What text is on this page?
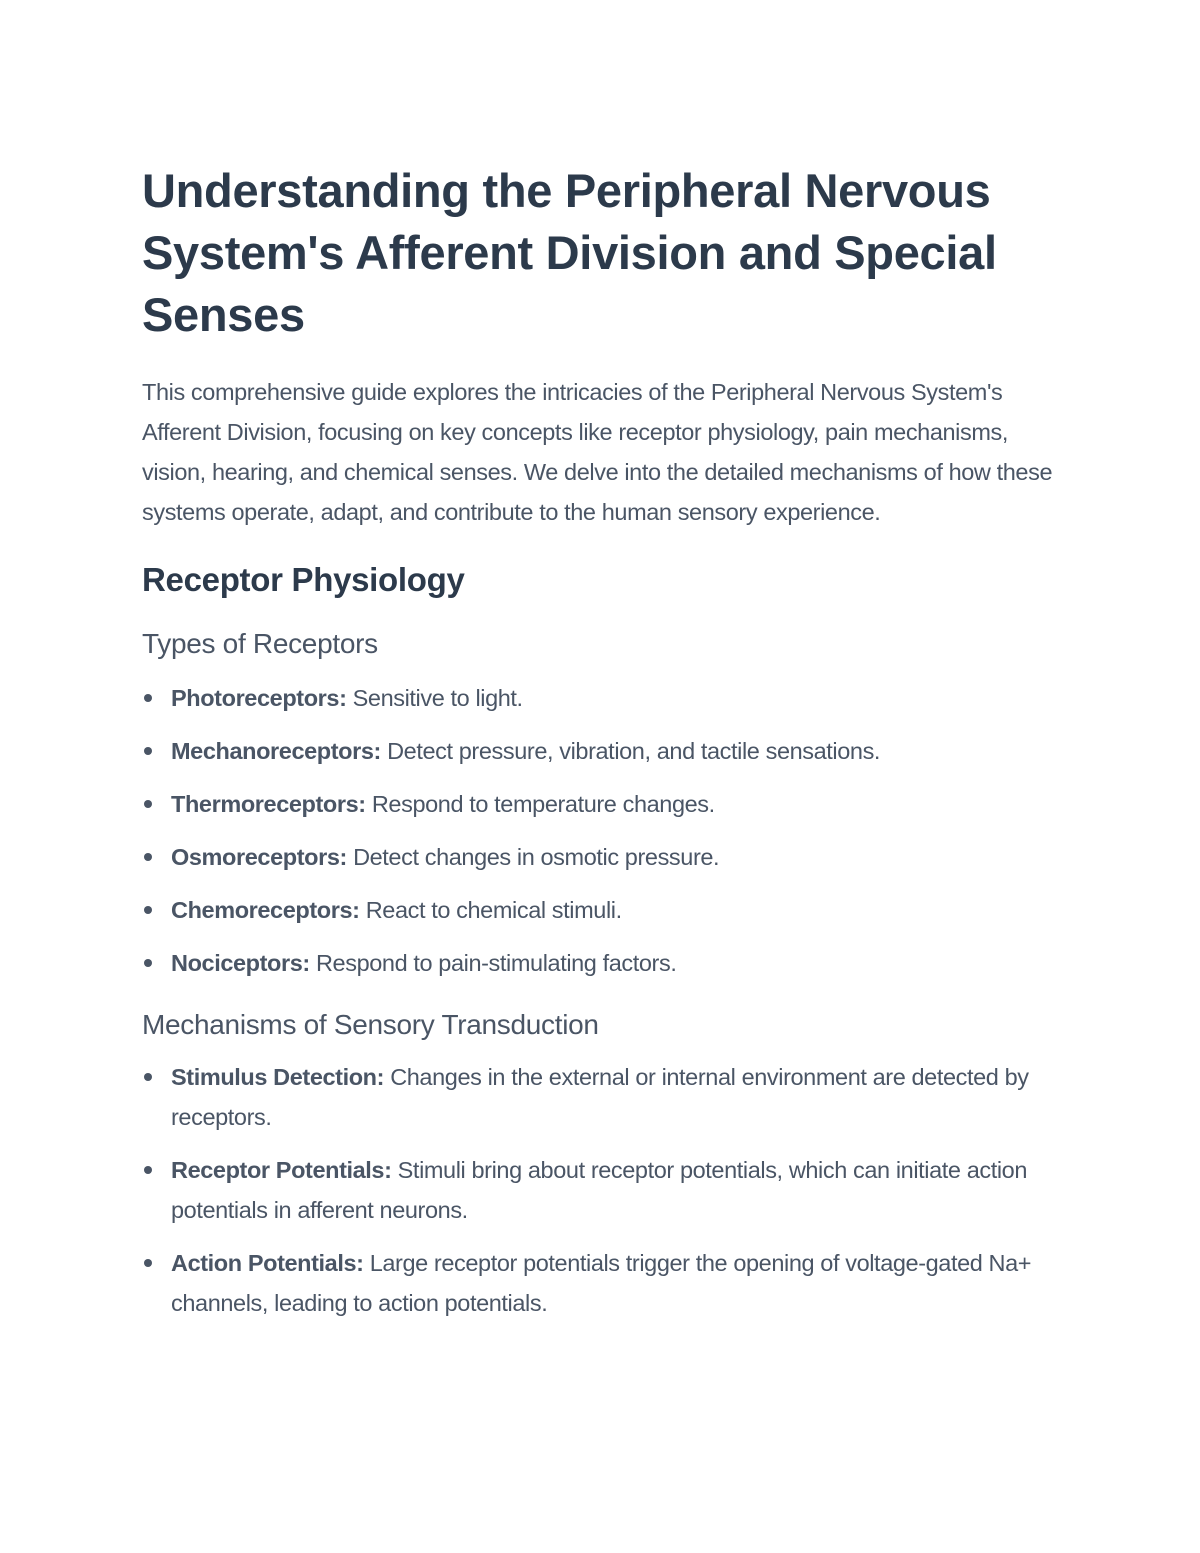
Understanding the Peripheral Nervous System's Afferent Division and Special Senses

This comprehensive guide explores the intricacies of the Peripheral Nervous System's Afferent Division, focusing on key concepts like receptor physiology, pain mechanisms, vision, hearing, and chemical senses. We delve into the detailed mechanisms of how these systems operate, adapt, and contribute to the human sensory experience.

Receptor Physiology
Types of Receptors
Photoreceptors: Sensitive to light.
Mechanoreceptors: Detect pressure, vibration, and tactile sensations.
Thermoreceptors: Respond to temperature changes.
Osmoreceptors: Detect changes in osmotic pressure.
Chemoreceptors: React to chemical stimuli.
Nociceptors: Respond to pain-stimulating factors.
Mechanisms of Sensory Transduction
Stimulus Detection: Changes in the external or internal environment are detected by receptors.
Receptor Potentials: Stimuli bring about receptor potentials, which can initiate action potentials in afferent neurons.
Action Potentials: Large receptor potentials trigger the opening of voltage-gated Na+ channels, leading to action potentials.
